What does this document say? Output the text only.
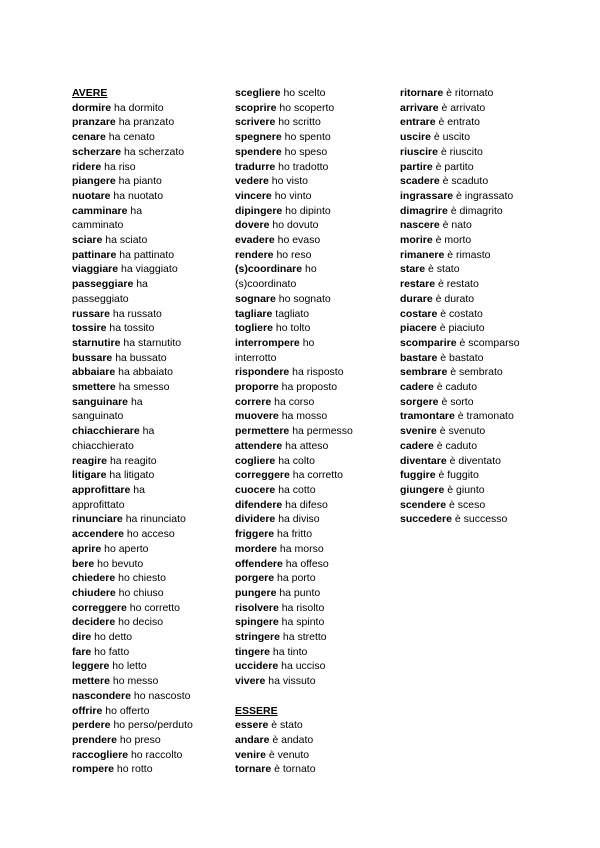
AVERE
dormire ha dormito
pranzare ha pranzato
cenare ha cenato
scherzare ha scherzato
ridere ha riso
piangere ha pianto
nuotare ha nuotato
camminare ha
camminato
sciare ha sciato
pattinare ha pattinato
viaggiare ha viaggiato
passeggiare ha
passeggiato
russare ha russato
tossire ha tossito
starnutire ha starnutito
bussare ha bussato
abbaiare ha abbaiato
smettere ha smesso
sanguinare ha
sanguinato
chiacchierare ha
chiacchierato
reagire ha reagito
litigare ha litigato
approfittare ha
approfittato
rinunciare ha rinunciato
accendere ho acceso
aprire ho aperto
bere ho bevuto
chiedere ho chiesto
chiudere ho chiuso
correggere ho corretto
decidere ho deciso
dire ho detto
fare ho fatto
leggere ho letto
mettere ho messo
nascondere ho nascosto
offrire ho offerto
perdere ho perso/perduto
prendere ho preso
raccogliere ho raccolto
rompere ho rotto
scegliere ho scelto
scoprire ho scoperto
scrivere ho scritto
spegnere ho spento
spendere ho speso
tradurre ho tradotto
vedere ho visto
vincere ho vinto
dipingere ho dipinto
dovere ho dovuto
evadere ho evaso
rendere ho reso
(s)coordinare ho
(s)coordinato
sognare ho sognato
tagliare tagliato
togliere ho tolto
interrompere ho
interrotto
rispondere ha risposto
proporre ha proposto
correre ha corso
muovere ha mosso
permettere ha permesso
attendere ha atteso
cogliere ha colto
correggere ha corretto
cuocere ha cotto
difendere ha difeso
dividere ha diviso
friggere ha fritto
mordere ha morso
offendere ha offeso
porgere ha porto
pungere ha punto
risolvere ha risolto
spingere ha spinto
stringere ha stretto
tingere ha tinto
uccidere ha ucciso
vivere ha vissuto
ESSERE
essere è stato
andare è andato
venire è venuto
tornare è tornato
ritornare è ritornato
arrivare è arrivato
entrare è entrato
uscire è uscito
riuscire è riuscito
partire è partito
scadere è scaduto
ingrassare è ingrassato
dimagrire è dimagrito
nascere è nato
morire è morto
rimanere è rimasto
stare è stato
restare è restato
durare è durato
costare è costato
piacere è piaciuto
scomparire è scomparso
bastare è bastato
sembrare è sembrato
cadere è caduto
sorgere è sorto
tramontare è tramonato
svenire è svenuto
cadere è caduto
diventare è diventato
fuggire è fuggito
giungere è giunto
scendere è sceso
succedere è successo
